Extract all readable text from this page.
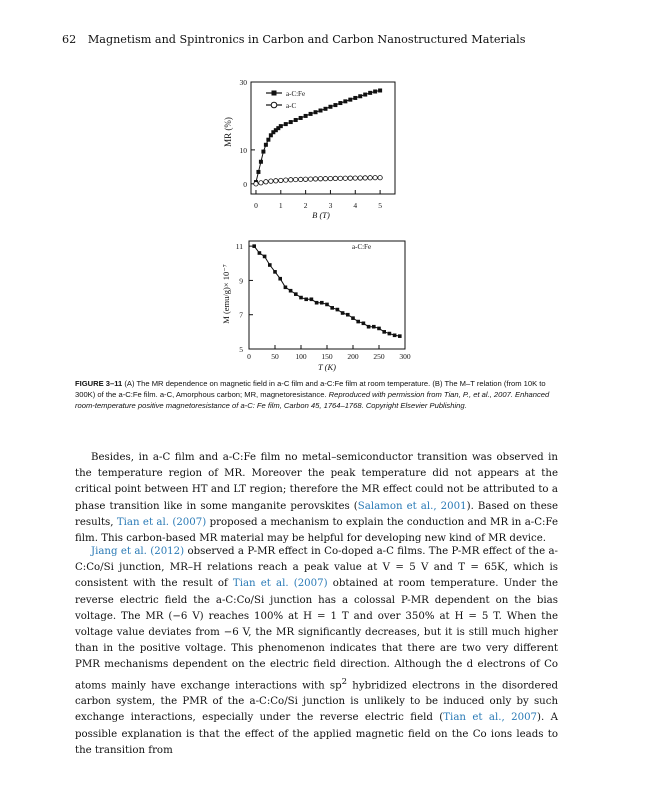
62 Magnetism and Spintronics in Carbon and Carbon Nanostructured Materials
0
10
30
0	1	2	3	4	5
MR (%)
B (T)
a-C:Fe
a-C
5
7
9
11
0	50 100 150 200 250 300
M (emu/g)× 10⁻⁷
T (K)
a-C:Fe
FIGURE 3–11 (A) The MR dependence on magnetic field in a-C film and a-C:Fe film at room temperature. (B) The M–T relation (from 10K to 300K) of the a-C:Fe film. a-C, Amorphous carbon; MR, magnetoresistance. Reproduced with permission from Tian, P., et al., 2007. Enhanced room-temperature positive magnetoresistance of a-C: Fe film, Carbon 45, 1764–1768. Copyright Elsevier Publishing.

Besides, in a-C film and a-C:Fe film no metal–semiconductor transition was observed in the temperature region of MR. Moreover the peak temperature did not appears at the critical point between HT and LT region; therefore the MR effect could not be attributed to a phase transition like in some manganite perovskites (Salamon et al., 2001). Based on these results, Tian et al. (2007) proposed a mechanism to explain the conduction and MR in a-C:Fe film. This carbon-based MR material may be helpful for developing new kind of MR device.

Jiang et al. (2012) observed a P-MR effect in Co-doped a-C films. The P-MR effect of the a-C:Co/Si junction, MR–H relations reach a peak value at V = 5 V and T = 65K, which is consistent with the result of Tian et al. (2007) obtained at room temperature. Under the reverse electric field the a-C:Co/Si junction has a colossal P-MR dependent on the bias voltage. The MR (−6 V) reaches 100% at H = 1 T and over 350% at H = 5 T. When the voltage value deviates from −6 V, the MR significantly decreases, but it is still much higher than in the positive voltage. This phenomenon indicates that there are two very different PMR mechanisms dependent on the electric field direction. Although the d electrons of Co atoms mainly have exchange interactions with $sp^2$ hybridized electrons in the disordered carbon system, the PMR of the a-C:Co/Si junction is unlikely to be induced only by such exchange interactions, especially under the reverse electric field (Tian et al., 2007). A possible explanation is that the effect of the applied magnetic field on the Co ions leads to the transition from
